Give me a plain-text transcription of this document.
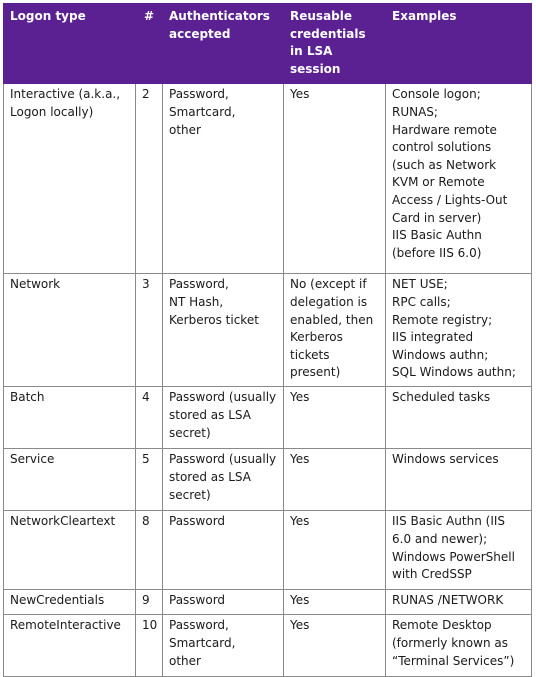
Logon type	#	Authenticators accepted	Reusable credentials in LSA session	Examples
Interactive (a.k.a., Logon locally)	2	Password,
Smartcard,
other	Yes	Console logon;
RUNAS;
Hardware remote control solutions (such as Network KVM or Remote Access / Lights-Out Card in server)
IIS Basic Authn (before IIS 6.0)
Network	3	Password,
NT Hash,
Kerberos ticket	No (except if delegation is enabled, then Kerberos tickets present)	NET USE;
RPC calls;
Remote registry;
IIS integrated Windows authn;
SQL Windows authn;
Batch	4	Password (usually stored as LSA secret)	Yes	Scheduled tasks
Service	5	Password (usually stored as LSA secret)	Yes	Windows services
NetworkCleartext	8	Password	Yes	IIS Basic Authn (IIS 6.0 and newer);
Windows PowerShell with CredSSP
NewCredentials	9	Password	Yes	RUNAS /NETWORK
RemoteInteractive	10	Password,
Smartcard,
other	Yes	Remote Desktop (formerly known as “Terminal Services”)
